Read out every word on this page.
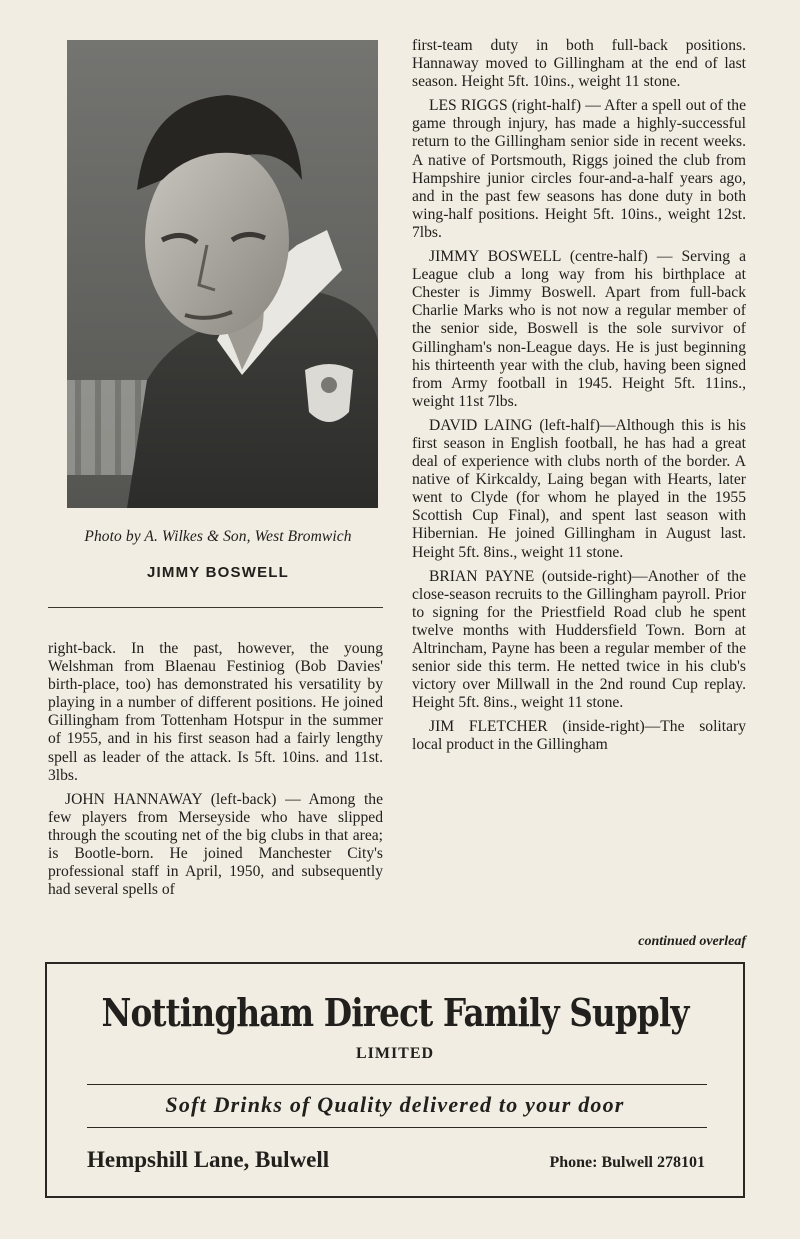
Photo by A. Wilkes & Son, West Bromwich
JIMMY BOSWELL

right-back. In the past, however, the young Welshman from Blaenau Festiniog (Bob Davies' birth-place, too) has demonstrated his versatility by playing in a number of different positions. He joined Gillingham from Tottenham Hotspur in the summer of 1955, and in his first season had a fairly lengthy spell as leader of the attack. Is 5ft. 10ins. and 11st. 3lbs.

JOHN HANNAWAY (left-back) — Among the few players from Merseyside who have slipped through the scouting net of the big clubs in that area; is Bootle-born. He joined Manchester City's professional staff in April, 1950, and subsequently had several spells of

first-team duty in both full-back positions. Hannaway moved to Gillingham at the end of last season. Height 5ft. 10ins., weight 11 stone.

LES RIGGS (right-half) — After a spell out of the game through injury, has made a highly-successful return to the Gillingham senior side in recent weeks. A native of Portsmouth, Riggs joined the club from Hampshire junior circles four-and-a-half years ago, and in the past few seasons has done duty in both wing-half positions. Height 5ft. 10ins., weight 12st. 7lbs.

JIMMY BOSWELL (centre-half) — Serving a League club a long way from his birthplace at Chester is Jimmy Boswell. Apart from full-back Charlie Marks who is not now a regular member of the senior side, Boswell is the sole survivor of Gillingham's non-League days. He is just beginning his thirteenth year with the club, having been signed from Army football in 1945. Height 5ft. 11ins., weight 11st 7lbs.

DAVID LAING (left-half)—Although this is his first season in English football, he has had a great deal of experience with clubs north of the border. A native of Kirkcaldy, Laing began with Hearts, later went to Clyde (for whom he played in the 1955 Scottish Cup Final), and spent last season with Hibernian. He joined Gillingham in August last. Height 5ft. 8ins., weight 11 stone.

BRIAN PAYNE (outside-right)—Another of the close-season recruits to the Gillingham payroll. Prior to signing for the Priestfield Road club he spent twelve months with Huddersfield Town. Born at Altrincham, Payne has been a regular member of the senior side this term. He netted twice in his club's victory over Millwall in the 2nd round Cup replay. Height 5ft. 8ins., weight 11 stone.

JIM FLETCHER (inside-right)—The solitary local product in the Gillingham

continued overleaf
Nottingham Direct Family Supply
LIMITED
Soft Drinks of Quality delivered to your door
Hempshill Lane, Bulwell	Phone: Bulwell 278101
